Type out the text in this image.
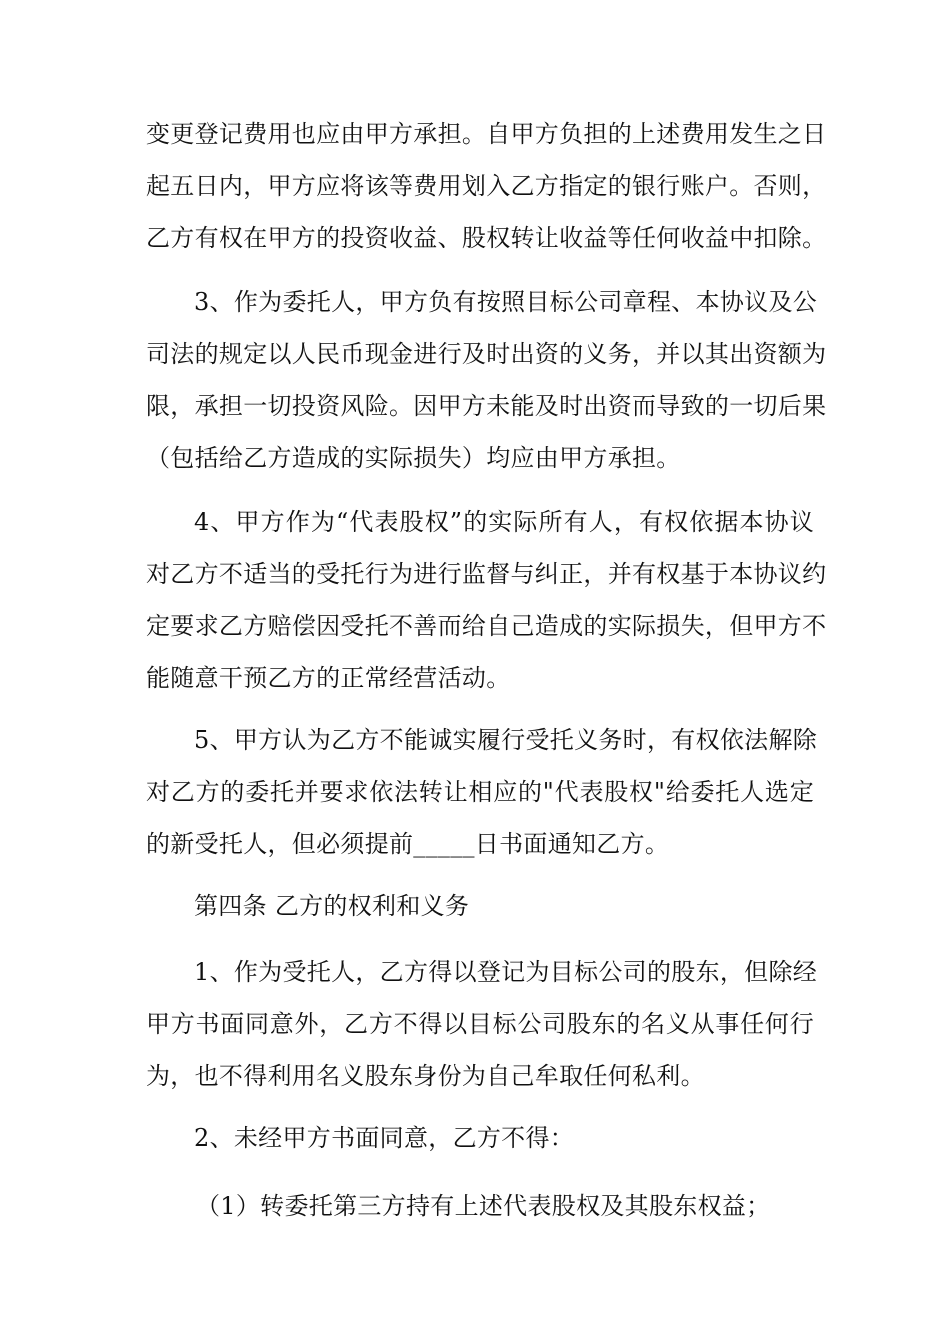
变更登记费用也应由甲方承担。自甲方负担的上述费用发生之日
起五日内，甲方应将该等费用划入乙方指定的银行账户。否则，
乙方有权在甲方的投资收益、股权转让收益等任何收益中扣除。
3、作为委托人，甲方负有按照目标公司章程、本协议及公
司法的规定以人民币现金进行及时出资的义务，并以其出资额为
限，承担一切投资风险。因甲方未能及时出资而导致的一切后果
（包括给乙方造成的实际损失）均应由甲方承担。
4、甲方作为“代表股权”的实际所有人，有权依据本协议
对乙方不适当的受托行为进行监督与纠正，并有权基于本协议约
定要求乙方赔偿因受托不善而给自己造成的实际损失，但甲方不
能随意干预乙方的正常经营活动。
5、甲方认为乙方不能诚实履行受托义务时，有权依法解除
对乙方的委托并要求依法转让相应的"代表股权"给委托人选定
的新受托人，但必须提前_____日书面通知乙方。
第四条 乙方的权利和义务
1、作为受托人，乙方得以登记为目标公司的股东，但除经
甲方书面同意外，乙方不得以目标公司股东的名义从事任何行
为，也不得利用名义股东身份为自己牟取任何私利。
2、未经甲方书面同意，乙方不得：
（1）转委托第三方持有上述代表股权及其股东权益；
